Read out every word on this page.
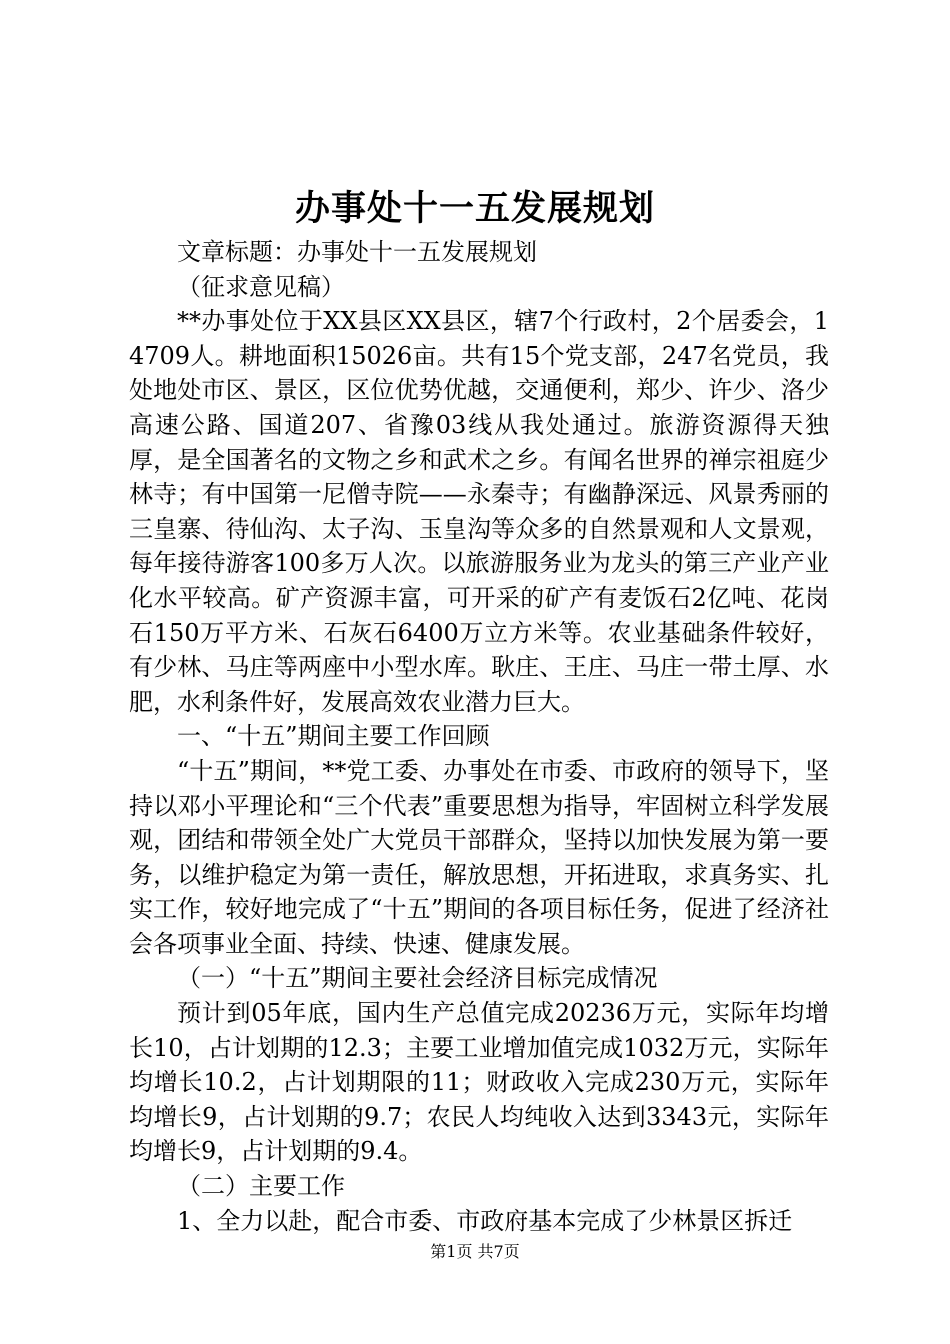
办事处十一五发展规划

文章标题：办事处十一五发展规划

（征求意见稿）

**办事处位于XX县区XX县区，辖7个行政村，2个居委会，14709人。耕地面积15026亩。共有15个党支部，247名党员，我处地处市区、景区，区位优势优越，交通便利，郑少、许少、洛少高速公路、国道207、省豫03线从我处通过。旅游资源得天独厚，是全国著名的文物之乡和武术之乡。有闻名世界的禅宗祖庭少林寺；有中国第一尼僧寺院——永秦寺；有幽静深远、风景秀丽的三皇寨、待仙沟、太子沟、玉皇沟等众多的自然景观和人文景观，每年接待游客100多万人次。以旅游服务业为龙头的第三产业产业化水平较高。矿产资源丰富，可开采的矿产有麦饭石2亿吨、花岗石150万平方米、石灰石6400万立方米等。农业基础条件较好，有少林、马庄等两座中小型水库。耿庄、王庄、马庄一带土厚、水肥，水利条件好，发展高效农业潜力巨大。

一、“十五”期间主要工作回顾

“十五”期间，**党工委、办事处在市委、市政府的领导下，坚持以邓小平理论和“三个代表”重要思想为指导，牢固树立科学发展观，团结和带领全处广大党员干部群众，坚持以加快发展为第一要务，以维护稳定为第一责任，解放思想，开拓进取，求真务实、扎实工作，较好地完成了“十五”期间的各项目标任务，促进了经济社会各项事业全面、持续、快速、健康发展。

（一）“十五”期间主要社会经济目标完成情况

预计到05年底，国内生产总值完成20236万元，实际年均增长10，占计划期的12.3；主要工业增加值完成1032万元，实际年均增长10.2，占计划期限的11；财政收入完成230万元，实际年均增长9，占计划期的9.7；农民人均纯收入达到3343元，实际年均增长9，占计划期的9.4。

（二）主要工作

1、全力以赴，配合市委、市政府基本完成了少林景区拆迁

第1页 共7页
